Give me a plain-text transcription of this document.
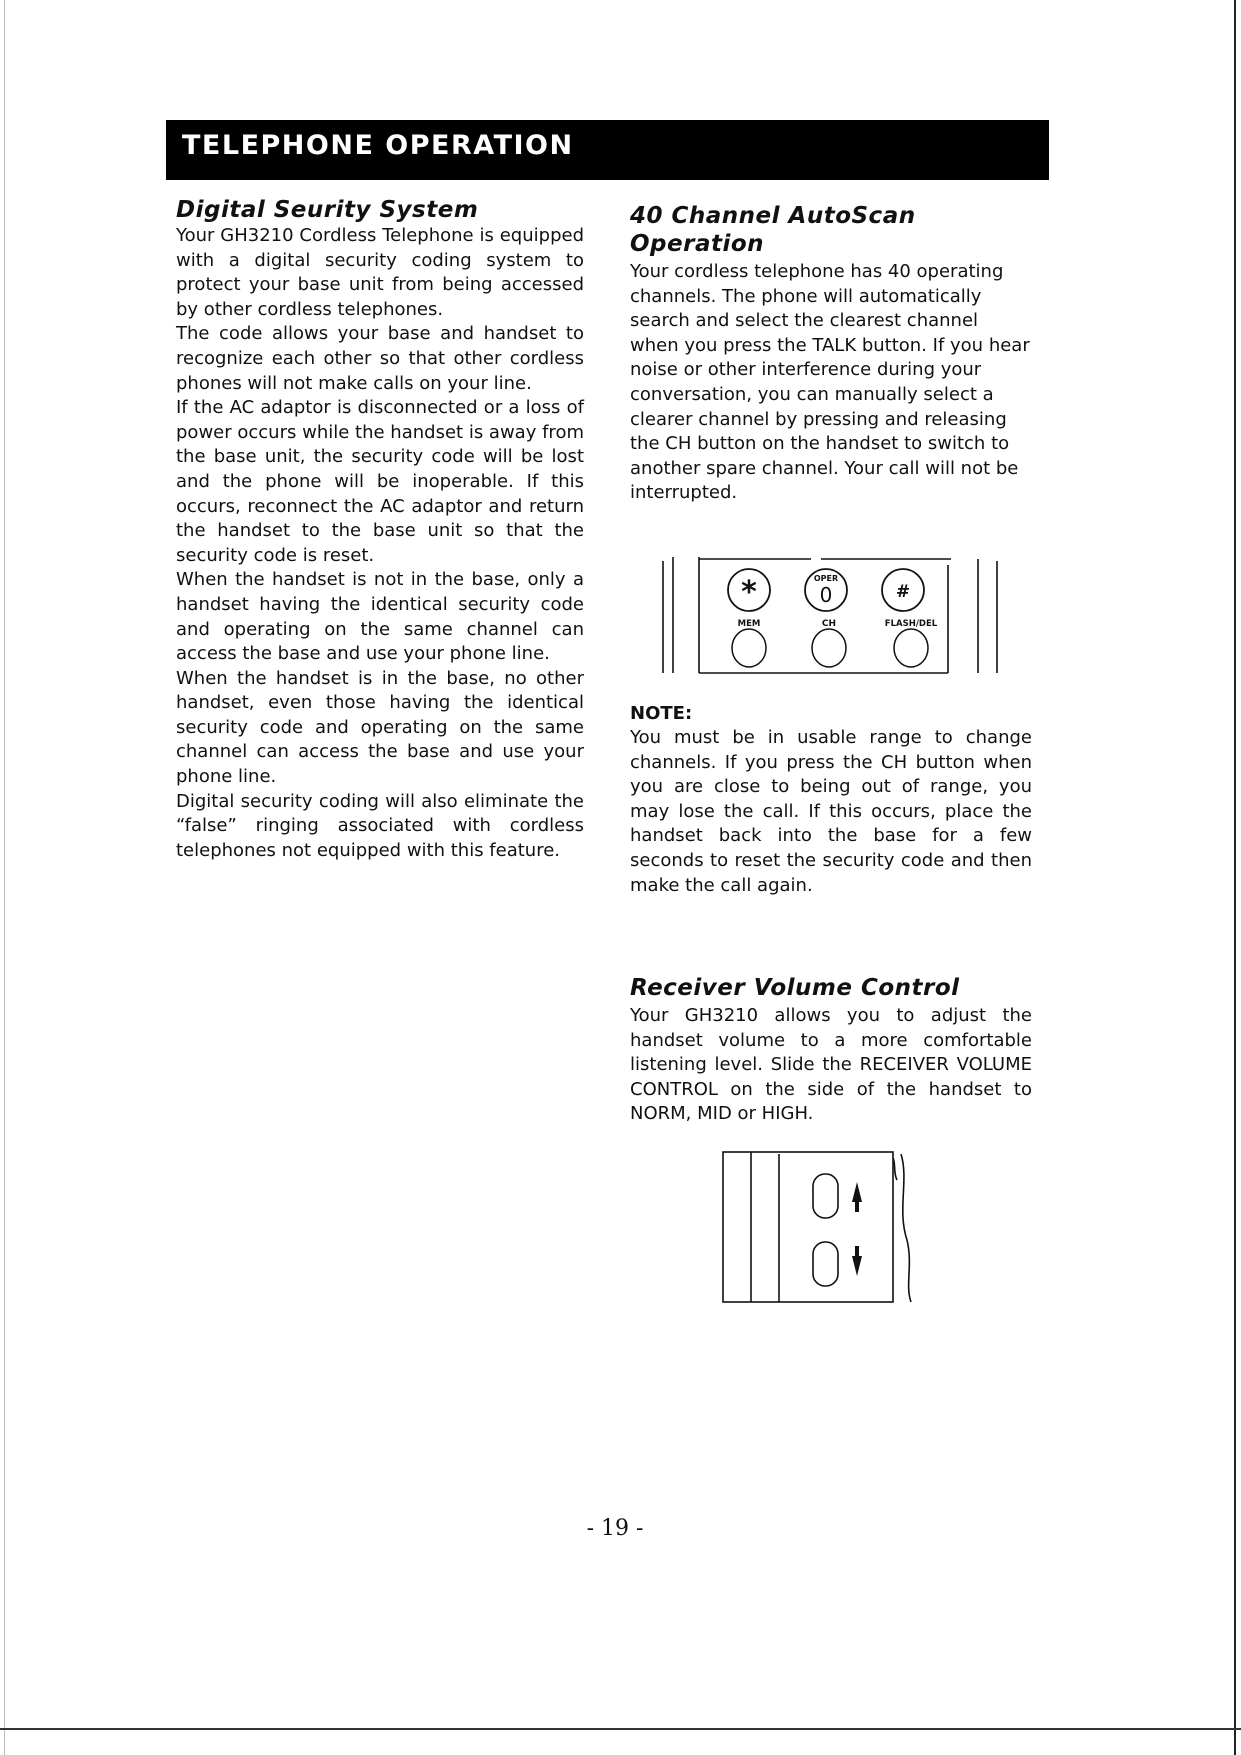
TELEPHONE OPERATION
Digital Seurity System

Your GH3210 Cordless Telephone is equipped with a digital security coding system to protect your base unit from being accessed by other cordless telephones.

The code allows your base and handset to recognize each other so that other cordless phones will not make calls on your line.

If the AC adaptor is disconnected or a loss of power occurs while the handset is away from the base unit, the security code will be lost and the phone will be inoperable. If this occurs, reconnect the AC adaptor and return the handset to the base unit so that the security code is reset.

When the handset is not in the base, only a handset having the identical security code and operating on the same channel can access the base and use your phone line.

When the handset is in the base, no other handset, even those having the identical security code and operating on the same channel can access the base and use your phone line.

Digital security coding will also eliminate the “false” ringing associated with cordless telephones not equipped with this feature.

40 Channel AutoScan Operation

Your cordless telephone has 40 operating channels. The phone will automatically search and select the clearest channel when you press the TALK button. If you hear noise or other interference during your conversation, you can manually select a clearer channel by pressing and releasing the CH button on the handset to switch to another spare channel. Your call will not be interrupted.

*	OPER
0	#
MEM	CH	FLASH/DEL

NOTE:

You must be in usable range to change channels. If you press the CH button when you are close to being out of range, you may lose the call. If this occurs, place the handset back into the base for a few seconds to reset the security code and then make the call again.

Receiver Volume Control

Your GH3210 allows you to adjust the handset volume to a more comfortable listening level. Slide the RECEIVER VOLUME CONTROL on the side of the handset to NORM, MID or HIGH.

- 19 -
